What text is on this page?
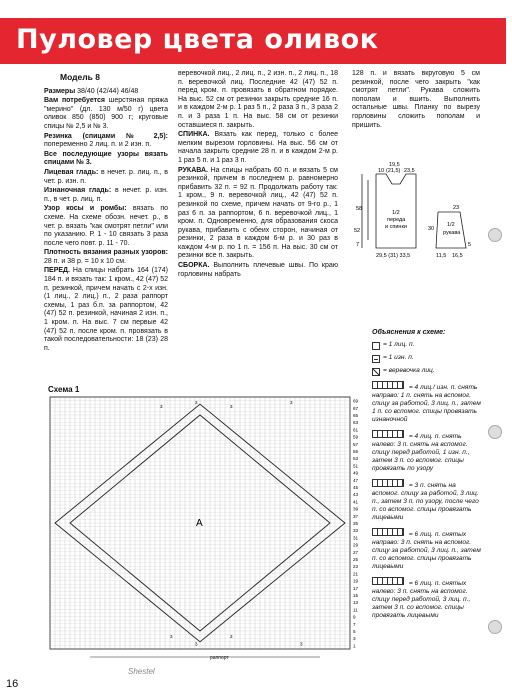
Пуловер цвета оливок
Модель 8

Размеры 38/40 (42/44) 46/48

Вам потребуется шерстяная пряжа "мерино" (дл. 130 м/50 г) цвета оливок 850 (850) 900 г; круговые спицы № 2,5 и № 3.

Резинка (спицами № 2,5): попеременно 2 лиц. п. и 2 изн. п.

Все последующие узоры вязать спицами № 3.

Лицевая гладь: в нечет. р. лиц. п., в чет. р. изн. п.

Изнаночная гладь: в нечет. р. изн. п., в чет. р. лиц. п.

Узор косы и ромбы: вязать по схеме. На схеме обозн. нечет. р., в чет. р. вязать "как смотрят петли" или по указанию. Р. 1 - 10 связать 3 раза после чего повт. р. 11 - 70.

Плотность вязания разных узоров: 28 п. и 38 р. = 10 х 10 см.

ПЕРЕД. На спицы набрать 164 (174) 184 п. и вязать так: 1 кром., 42 (47) 52 п. резинкой, причем начать с 2-х изн. (1 лиц., 2 лиц.) п., 2 раза раппорт схемы, 1 раз б.п. за раппортом, 42 (47) 52 п. резинкой, начиная 2 изн. п., 1 кром. п. На выс. 7 см первые 42 (47) 52 п. после кром. п. провязать в такой последовательности: 18 (23) 28 п.

веревочкой лиц., 2 лиц. п., 2 изн. п., 2 лиц. п., 18 п. веревочкой лиц. Последние 42 (47) 52 п. перед кром. п. провязать в обратном порядке. На выс. 52 см от резинки закрыть средние 16 п. и в каждом 2-м р. 1 раз 5 п., 2 раза 3 п., 3 раза 2 п. и 3 раза 1 п. На выс. 58 см от резинки оставшиеся п. закрыть.

СПИНКА. Вязать как перед, только с более мелким вырезом горловины. На выс. 56 см от начала закрыть средние 28 п. и в каждом 2-м р. 1 раз 5 п. и 1 раз 3 п.

РУКАВА. На спицы набрать 60 п. и вязать 5 см резинкой, причем в последнем р. равномерно прибавить 32 п. = 92 п. Продолжать работу так: 1 кром., 9 п. веревочкой лиц., 42 (47) 52 п. резинкой по схеме, причем начать от 9-го р., 1 раз 6 п. за раппортом, 6 п. веревочкой лиц., 1 кром. п. Одновременно, для образования скоса рукава, прибавить с обеих сторон, начиная от резинки, 2 раза в каждом 6-м р. и 30 раз в каждом 4-м р. по 1 п. = 156 п. На выс. 30 см от резинки все п. закрыть.

СБОРКА. Выполнить плечевые швы. По краю горловины набрать

128 п. и вязать вкруговую 5 см резинкой, после чего закрыть "как смотрят петли". Рукава сложить пополам и вшить. Выполнить остальные швы. Планку по вырезу горловины сложить пополам и пришить.

10
19,5
(21,5) 23,5
58
52
1/2
переда
и спинки
7
29,5 (31) 33,5
30
1/2
рукава
23
5
11,5 16,5
Объяснения к схеме:
= 1 лиц. п.
= 1 изн. п.
= веревочка лиц.
= 4 лиц./ изн. п. снять направо: 1 п. снять на вспомог. спицу за работой, 3 лиц. п., затем 1 п. со вспомог. спицы провязать изнаночной
= 4 лиц. п. снять налево: 3 п. снять на вспомог. спицу перед работой, 1 изн. п., затем 3 п. со вспомог. спицы провязать по узору
= 3 п. снять на вспомог. спицу за работой, 3 лиц. п., затем 3 п. по узору, после чего п. со вспомог. спицы провязать лицевыми
= 6 лиц. п. снятых направо: 3 п. снять на вспомог. спицу за работой, 3 лиц. п., затем п. со вспомог. спицы провязать лицевыми
= 6 лиц. п. снятых налево: 3 п. снять на вспомог. спицу перед работой, 3 лиц. п., затем 3 п. со вспомог. спицы провязать лицевыми
Схема 1
А
69
67
65
63
61
59
57
55
53
51
49
47
45
43
41
39
37
35
33
31
29
27
25
23
21
19
17
15
13
11
9
7
5
3
1
3	3
3	3
3	3
3	3
раппорт
16
Shestel
